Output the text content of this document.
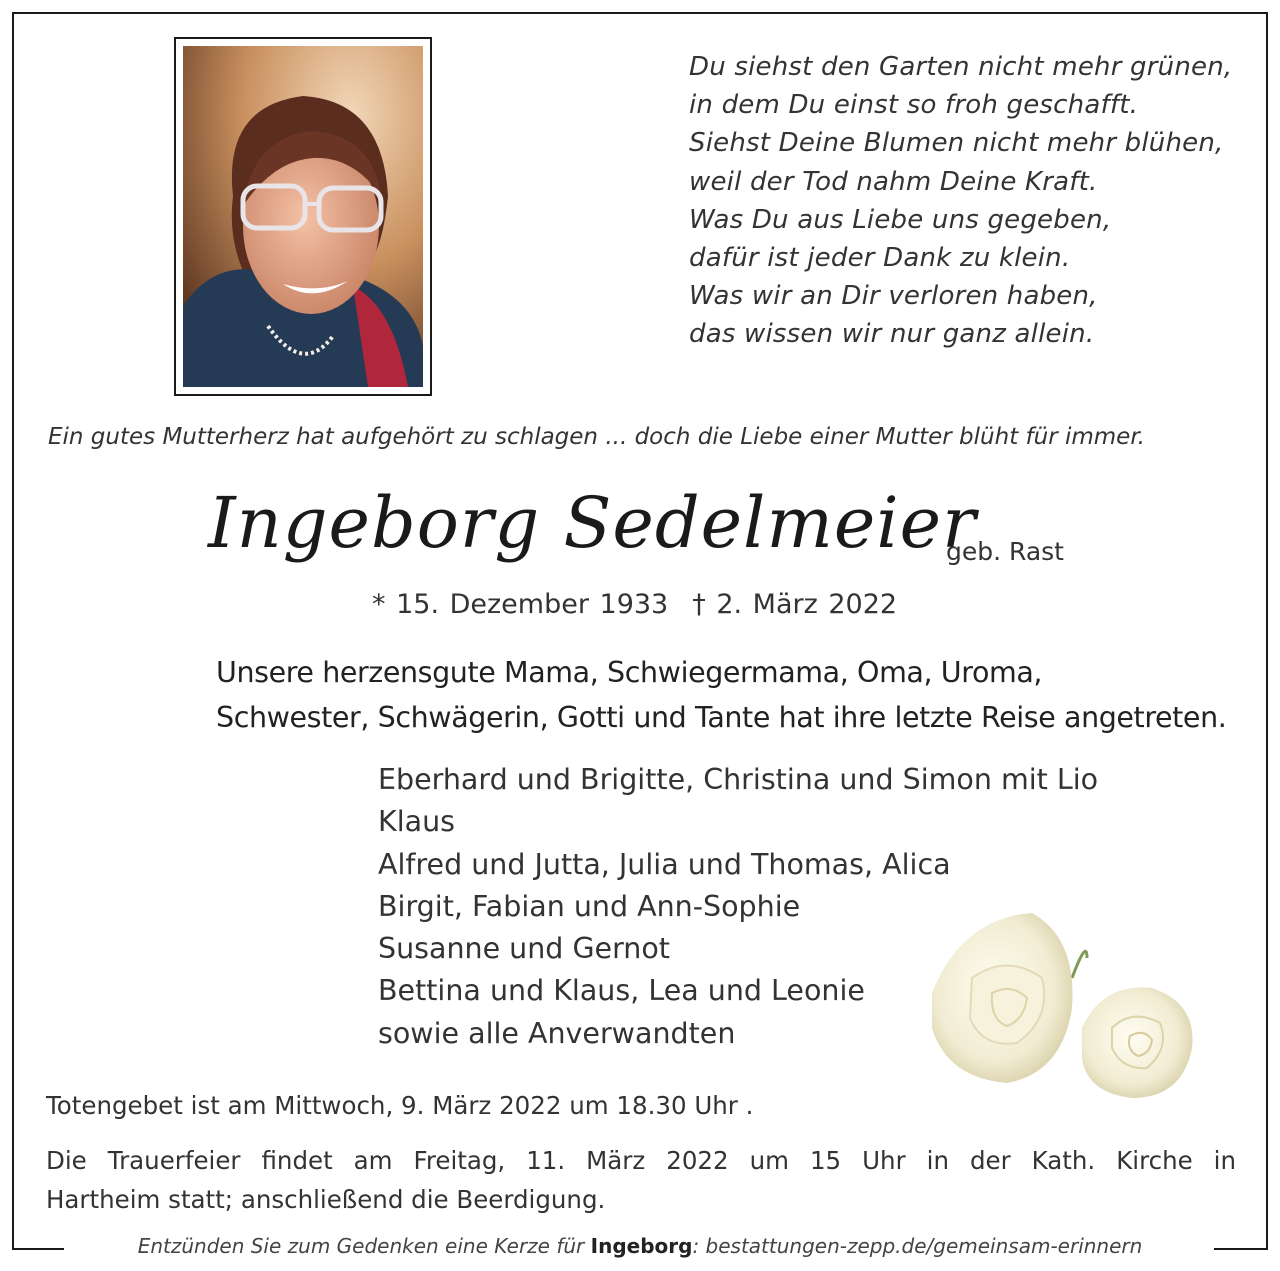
Du siehst den Garten nicht mehr grünen,
in dem Du einst so froh geschafft.
Siehst Deine Blumen nicht mehr blühen,
weil der Tod nahm Deine Kraft.
Was Du aus Liebe uns gegeben,
dafür ist jeder Dank zu klein.
Was wir an Dir verloren haben,
das wissen wir nur ganz allein.
Ein gutes Mutterherz hat aufgehört zu schlagen ... doch die Liebe einer Mutter blüht für immer.
Ingeborg Sedelmeier
geb. Rast
* 15. Dezember 1933 † 2. März 2022
Unsere herzensgute Mama, Schwiegermama, Oma, Uroma,
Schwester, Schwägerin, Gotti und Tante hat ihre letzte Reise angetreten.
Eberhard und Brigitte, Christina und Simon mit Lio
Klaus
Alfred und Jutta, Julia und Thomas, Alica
Birgit, Fabian und Ann-Sophie
Susanne und Gernot
Bettina und Klaus, Lea und Leonie
sowie alle Anverwandten
Totengebet ist am Mittwoch, 9. März 2022 um 18.30 Uhr .
Die Trauerfeier findet am Freitag, 11. März 2022 um 15 Uhr in der Kath. Kirche in
Hartheim statt; anschließend die Beerdigung.
Entzünden Sie zum Gedenken eine Kerze für Ingeborg: bestattungen-zepp.de/gemeinsam-erinnern
